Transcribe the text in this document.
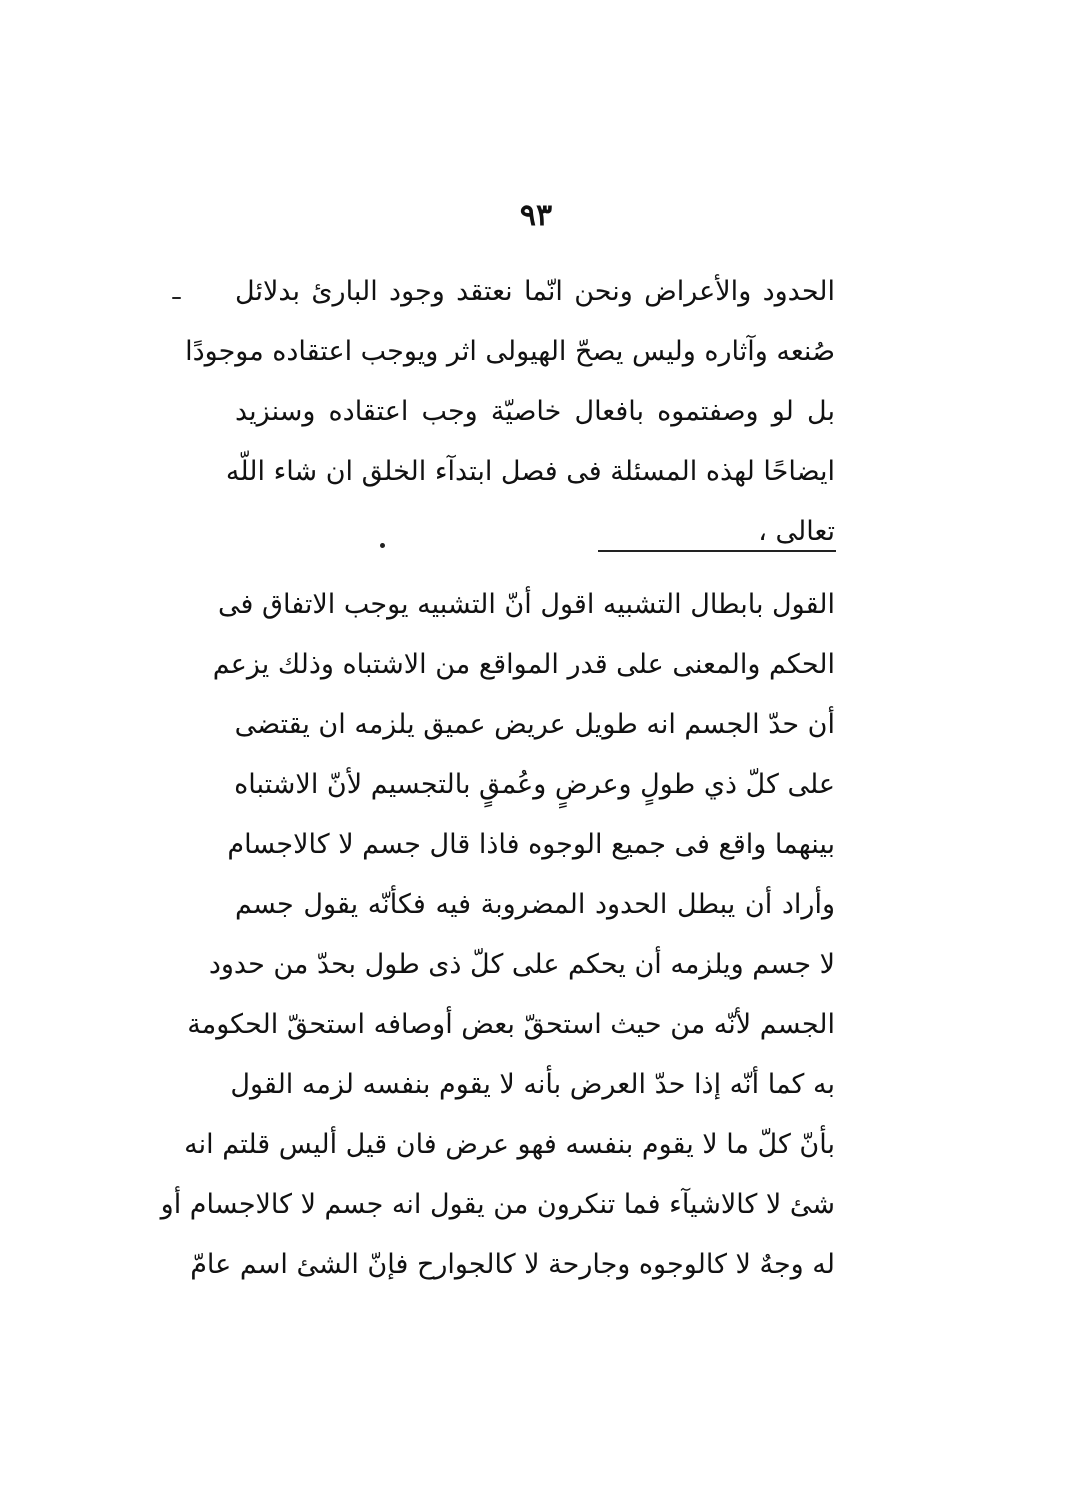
٩٣
الحدود والأعراض ونحن انّما نعتقد وجود البارئ بدلائل
صُنعه وآثاره وليس يصحّ الهيولى اثر ويوجب اعتقاده موجودًا
بل لو وصفتموه بافعال خاصيّة وجب اعتقاده وسنزيد
ايضاحًا لهذه المسئلة فى فصل ابتدآء الخلق ان شاء اللّه
تعالى ،
القول بابطال التشبيه اقول أنّ التشبيه يوجب الاتفاق فى
الحكم والمعنى على قدر المواقع من الاشتباه وذلك يزعم
أن حدّ الجسم انه طويل عريض عميق يلزمه ان يقتضى
على كلّ ذي طولٍ وعرضٍ وعُمقٍ بالتجسيم لأنّ الاشتباه
بينهما واقع فى جميع الوجوه فاذا قال جسم لا كالاجسام
وأراد أن يبطل الحدود المضروبة فيه فكأنّه يقول جسم
لا جسم ويلزمه أن يحكم على كلّ ذى طول بحدّ من حدود
الجسم لأنّه من حيث استحقّ بعض أوصافه استحقّ الحكومة
به كما أنّه إذا حدّ العرض بأنه لا يقوم بنفسه لزمه القول
بأنّ كلّ ما لا يقوم بنفسه فهو عرض فان قيل أليس قلتم انه
شئ لا كالاشيآء فما تنكرون من يقول انه جسم لا كالاجسام أو
له وجهٌ لا كالوجوه وجارحة لا كالجوارح فإنّ الشئ اسم عامّ
